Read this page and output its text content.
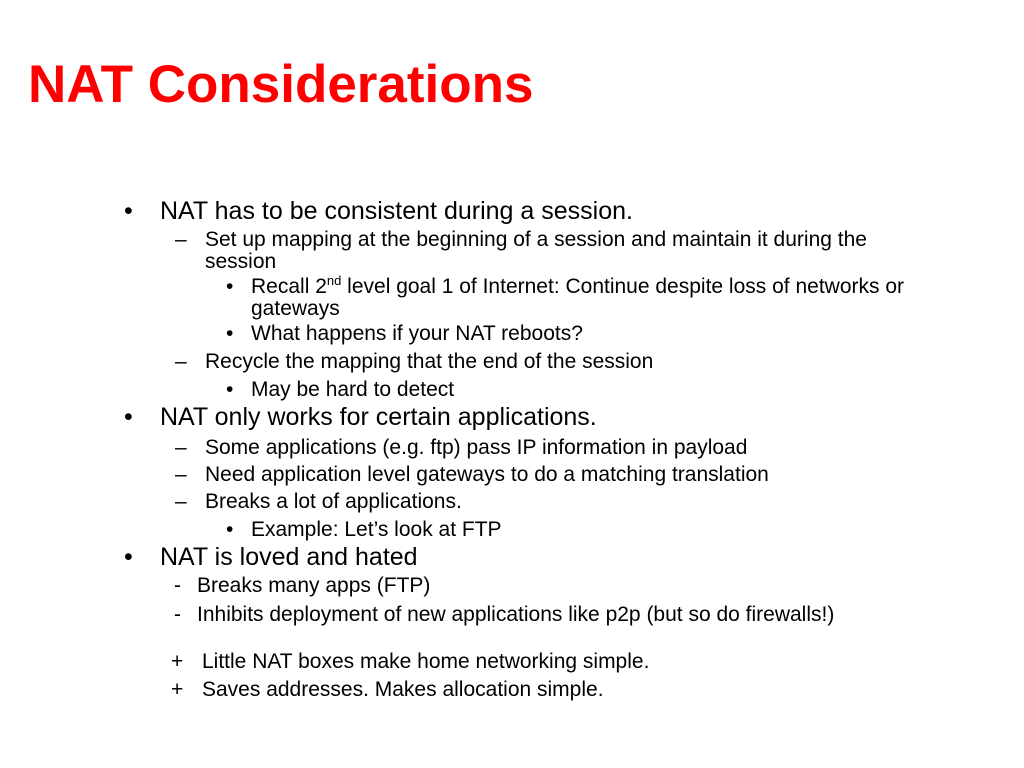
NAT Considerations
• NAT has to be consistent during a session.
– Set up mapping at the beginning of a session and maintain it during the session
• Recall 2nd level goal 1 of Internet: Continue despite loss of networks or gateways
• What happens if your NAT reboots?
– Recycle the mapping that the end of the session
• May be hard to detect
• NAT only works for certain applications.
– Some applications (e.g. ftp) pass IP information in payload
– Need application level gateways to do a matching translation
– Breaks a lot of applications.
• Example: Let’s look at FTP
• NAT is loved and hated
- Breaks many apps (FTP)
- Inhibits deployment of new applications like p2p (but so do firewalls!)
+ Little NAT boxes make home networking simple.
+ Saves addresses. Makes allocation simple.
